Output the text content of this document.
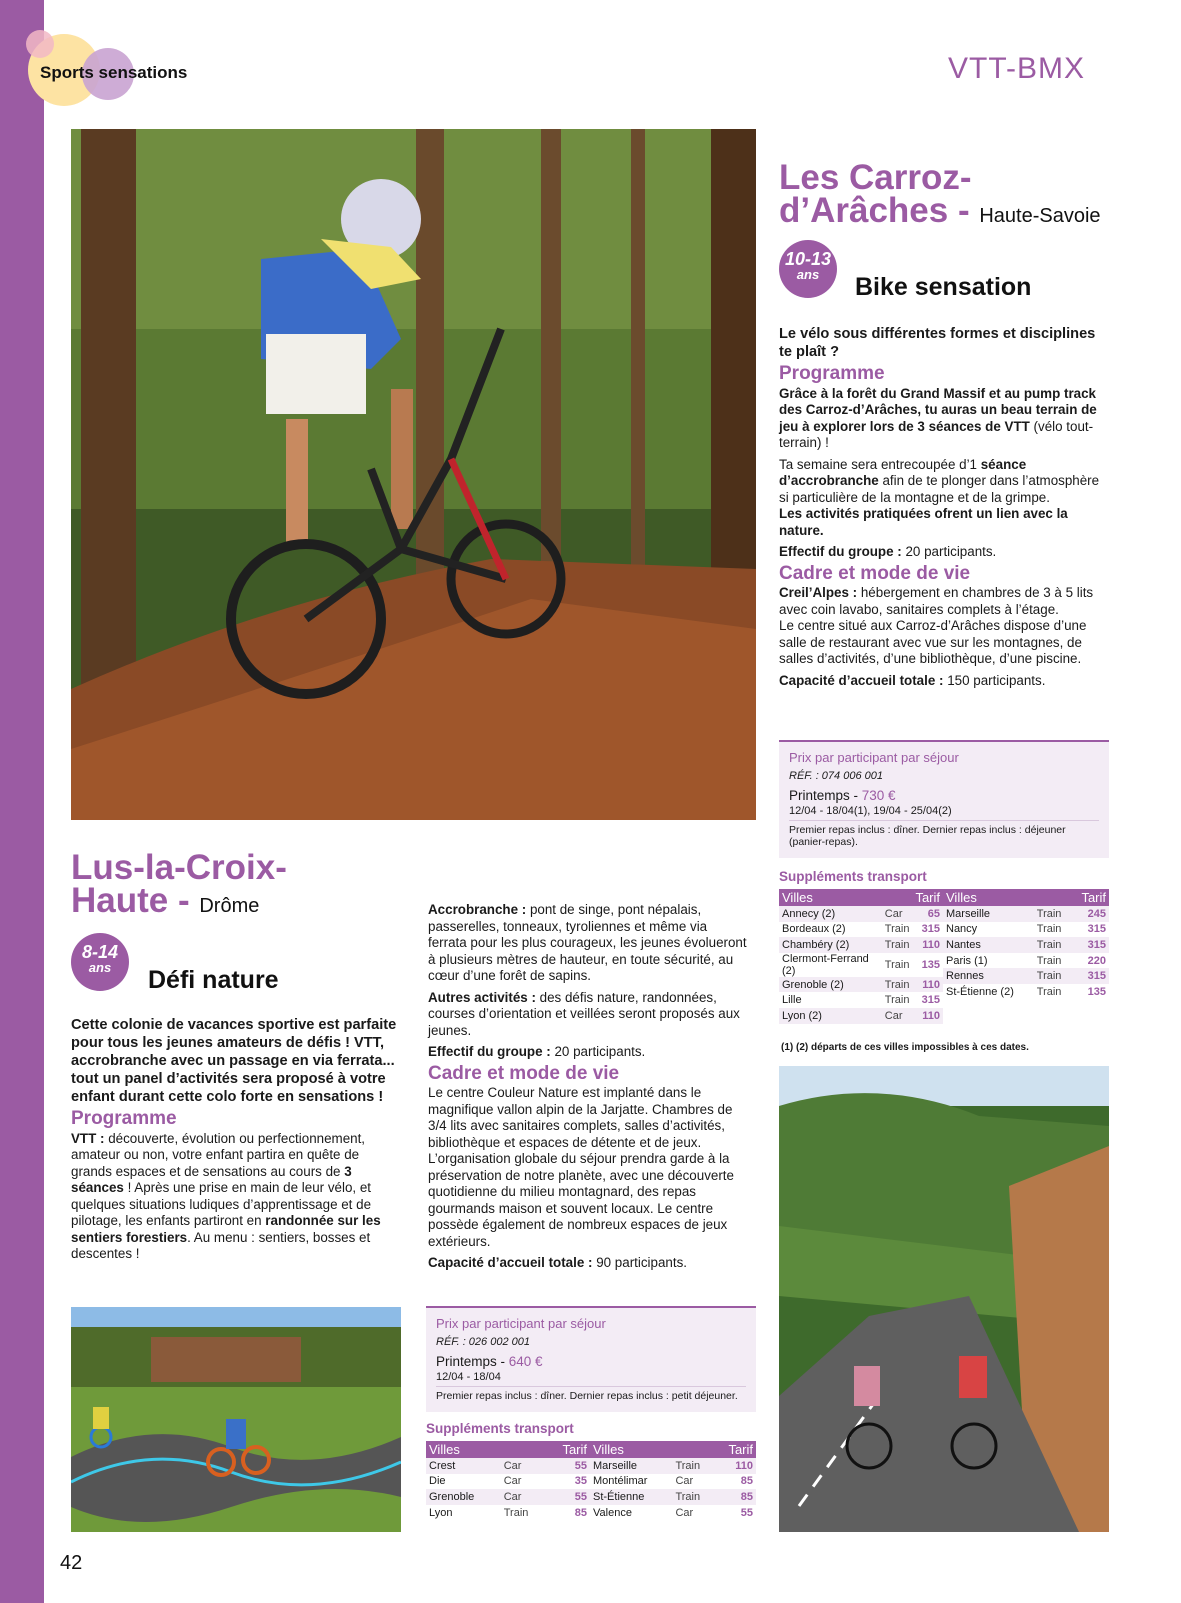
Sports sensations	VTT-BMX
Les Carroz-
d’Arâches - Haute-Savoie
10-13
ans	Bike sensation

Le vélo sous différentes formes et disciplines te plaît ?

Programme

Grâce à la forêt du Grand Massif et au pump track des Carroz-d’Arâches, tu auras un beau terrain de jeu à explorer lors de 3 séances de VTT (vélo tout-terrain) !

Ta semaine sera entrecoupée d’1 séance d’accrobranche afin de te plonger dans l’atmosphère si particulière de la montagne et de la grimpe.
Les activités pratiquées ofrent un lien avec la nature.

Effectif du groupe : 20 participants.

Cadre et mode de vie

Creil’Alpes : hébergement en chambres de 3 à 5 lits avec coin lavabo, sanitaires complets à l’étage.
Le centre situé aux Carroz-d’Arâches dispose d’une salle de restaurant avec vue sur les montagnes, de salles d’activités, d’une bibliothèque, d’une piscine.

Capacité d’accueil totale : 150 participants.

Prix par participant par séjour
RÉF. : 074 006 001
Printemps - 730 €
12/04 - 18/04(1), 19/04 - 25/04(2)
Premier repas inclus : dîner. Dernier repas inclus : déjeuner (panier-repas).
Suppléments transport
Villes		Tarif
Annecy (2)	Car	65
Bordeaux (2)	Train	315
Chambéry (2)	Train	110
Clermont-Ferrand (2)	Train	135
Grenoble (2)	Train	110
Lille	Train	315
Lyon (2)	Car	110
Villes		Tarif
Marseille	Train	245
Nancy	Train	315
Nantes	Train	315
Paris (1)	Train	220
Rennes	Train	315
St-Étienne (2)	Train	135
(1) (2) départs de ces villes impossibles à ces dates.
Lus-la-Croix-
Haute - Drôme
8-14
ans	Défi nature

Cette colonie de vacances sportive est parfaite pour tous les jeunes amateurs de défis ! VTT, accrobranche avec un passage en via ferrata... tout un panel d’activités sera proposé à votre enfant durant cette colo forte en sensations !

Programme

VTT : découverte, évolution ou perfectionnement, amateur ou non, votre enfant partira en quête de grands espaces et de sensations au cours de 3 séances ! Après une prise en main de leur vélo, et quelques situations ludiques d’apprentissage et de pilotage, les enfants partiront en randonnée sur les sentiers forestiers. Au menu : sentiers, bosses et descentes !

Accrobranche : pont de singe, pont népalais, passerelles, tonneaux, tyroliennes et même via ferrata pour les plus courageux, les jeunes évolueront à plusieurs mètres de hauteur, en toute sécurité, au cœur d’une forêt de sapins.

Autres activités : des défis nature, randonnées, courses d’orientation et veillées seront proposés aux jeunes.

Effectif du groupe : 20 participants.

Cadre et mode de vie

Le centre Couleur Nature est implanté dans le magnifique vallon alpin de la Jarjatte. Chambres de 3/4 lits avec sanitaires complets, salles d’activités, bibliothèque et espaces de détente et de jeux. L’organisation globale du séjour prendra garde à la préservation de notre planète, avec une découverte quotidienne du milieu montagnard, des repas gourmands maison et souvent locaux. Le centre possède également de nombreux espaces de jeux extérieurs.

Capacité d’accueil totale : 90 participants.

Prix par participant par séjour
RÉF. : 026 002 001
Printemps - 640 €
12/04 - 18/04
Premier repas inclus : dîner. Dernier repas inclus : petit déjeuner.
Suppléments transport
Villes		Tarif
Crest	Car	55
Die	Car	35
Grenoble	Car	55
Lyon	Train	85
Villes		Tarif
Marseille	Train	110
Montélimar	Car	85
St-Étienne	Train	85
Valence	Car	55
42
